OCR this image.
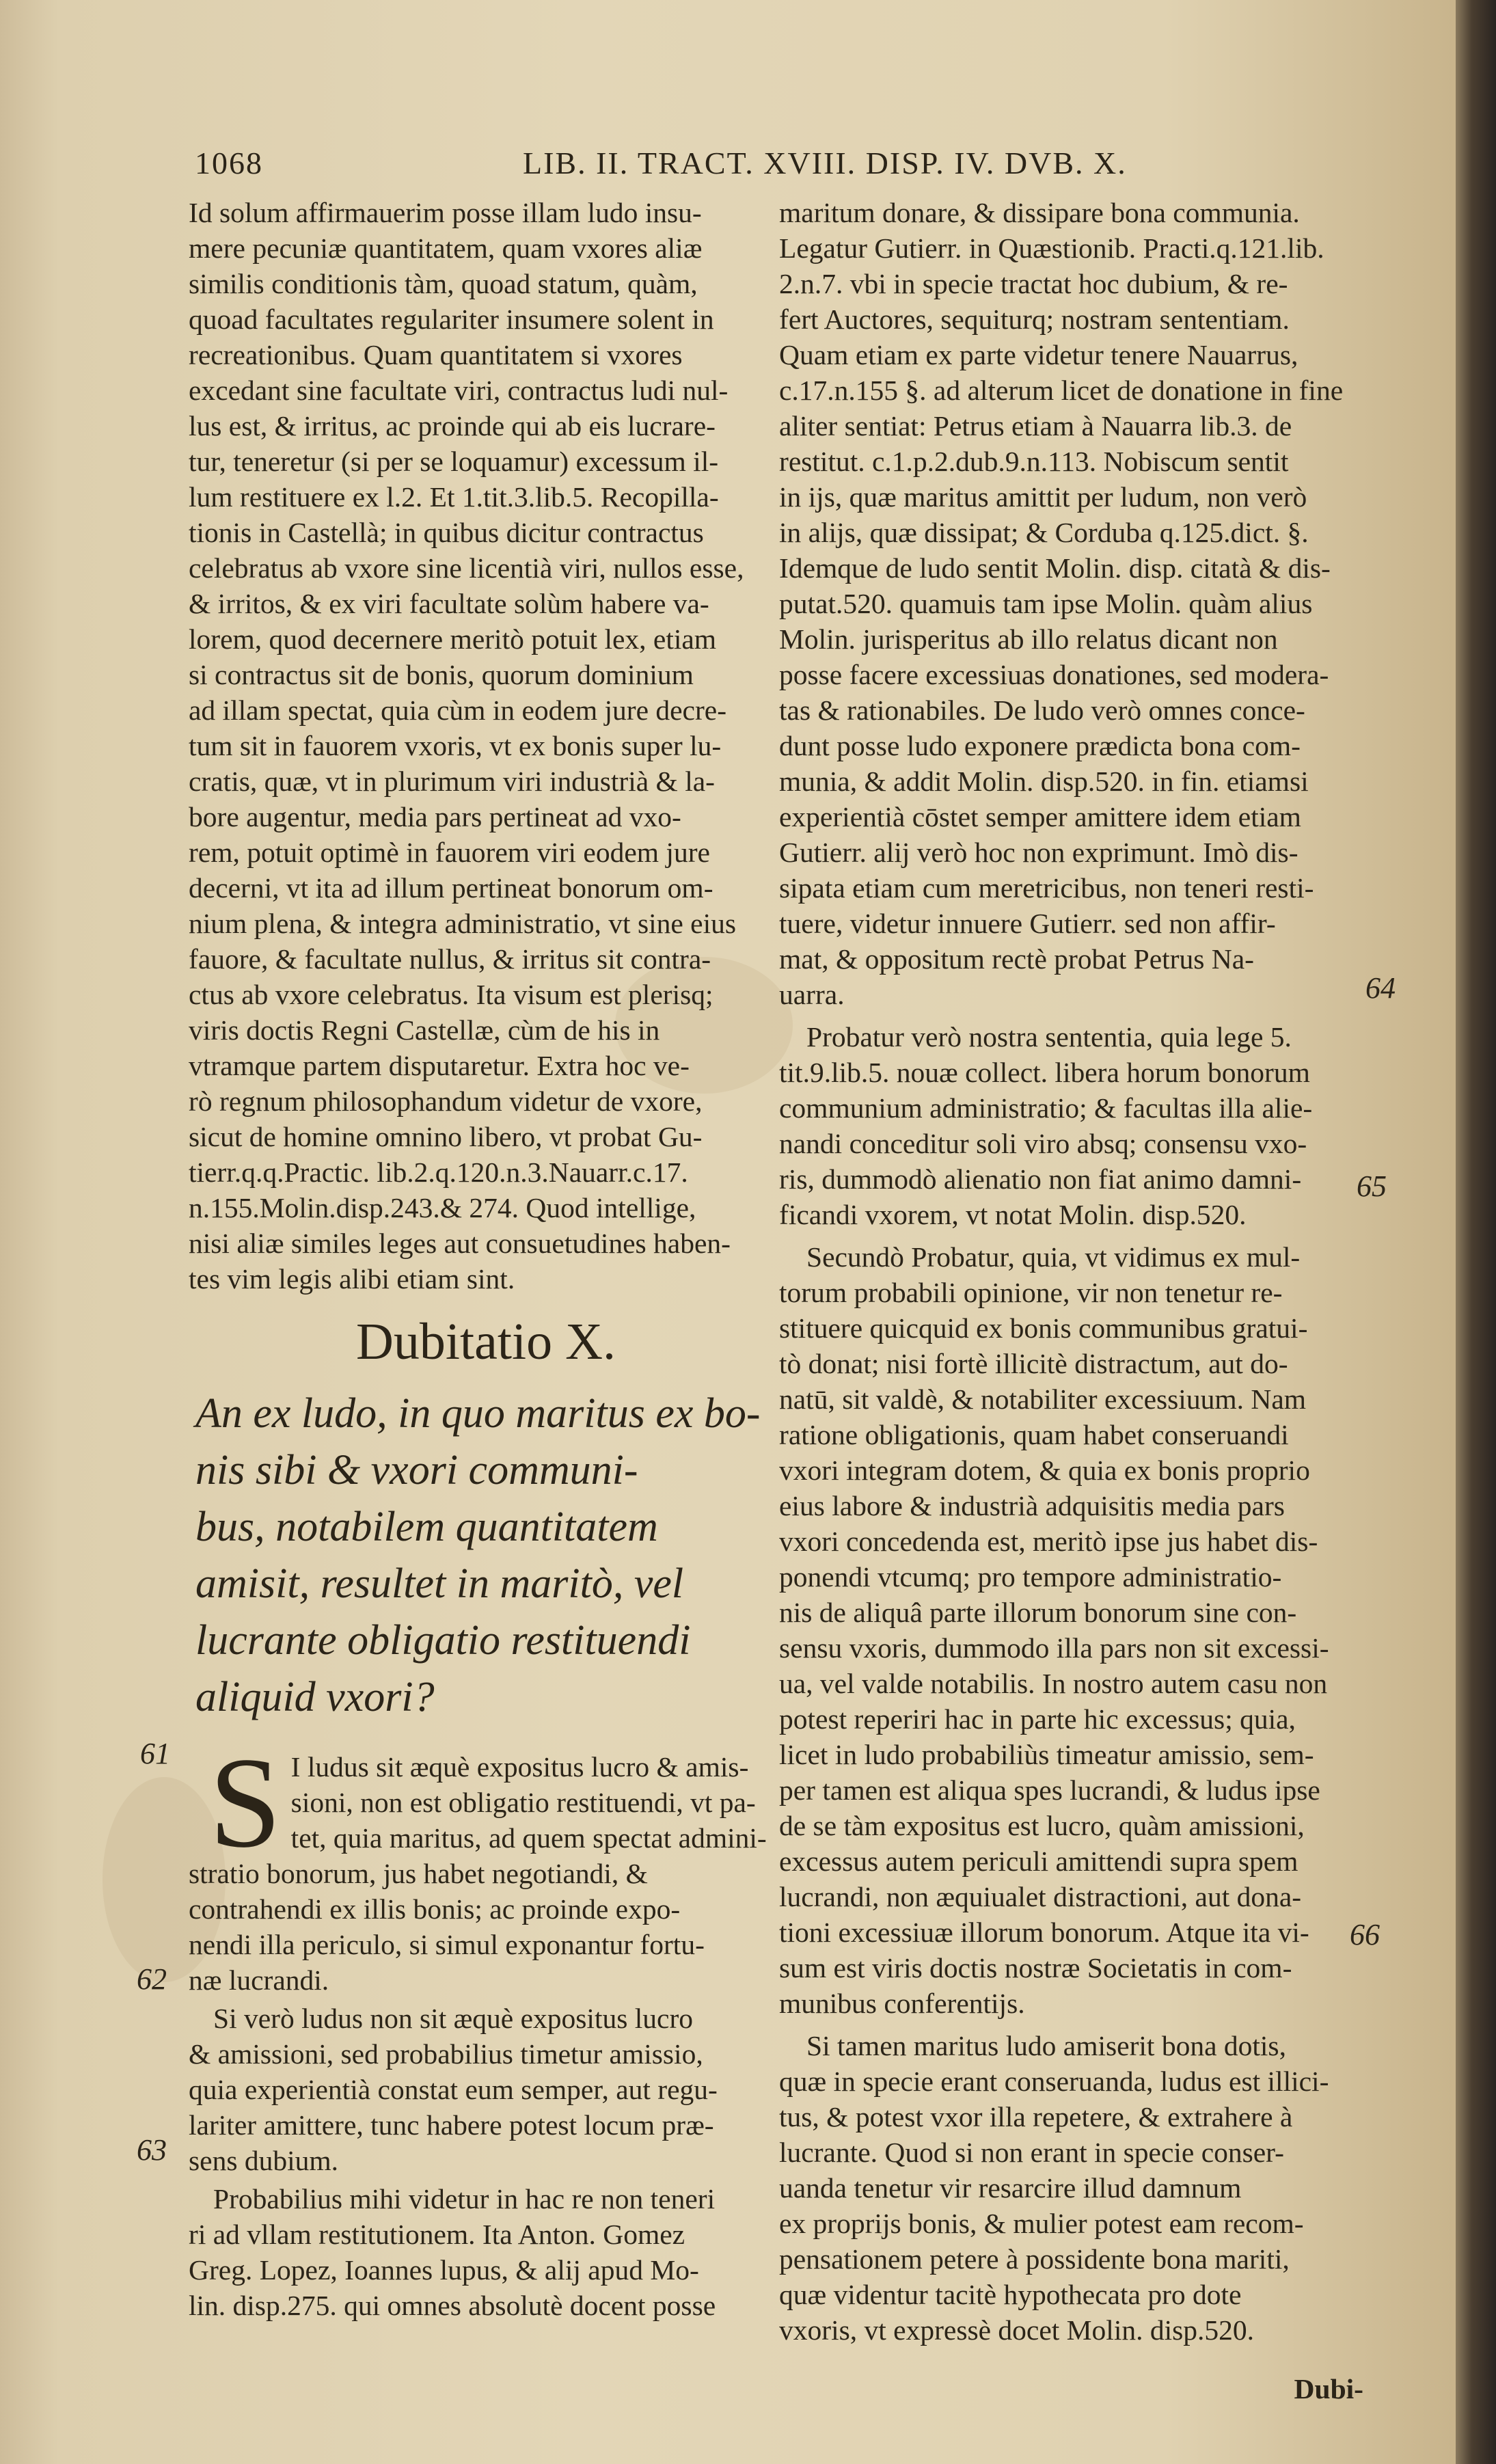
1068	LIB. II. TRACT. XVIII. DISP. IV. DVB. X.

Id solum affirmauerim posse illam ludo insu-
mere pecuniæ quantitatem, quam vxores aliæ
similis conditionis tàm, quoad statum, quàm,
quoad facultates regulariter insumere solent in
recreationibus. Quam quantitatem si vxores
excedant sine facultate viri, contractus ludi nul-
lus est, & irritus, ac proinde qui ab eis lucrare-
tur, teneretur (si per se loquamur) excessum il-
lum restituere ex l.2. Et 1.tit.3.lib.5. Recopilla-
tionis in Castellà; in quibus dicitur contractus
celebratus ab vxore sine licentià viri, nullos esse,
& irritos, & ex viri facultate solùm habere va-
lorem, quod decernere meritò potuit lex, etiam
si contractus sit de bonis, quorum dominium
ad illam spectat, quia cùm in eodem jure decre-
tum sit in fauorem vxoris, vt ex bonis super lu-
cratis, quæ, vt in plurimum viri industrià & la-
bore augentur, media pars pertineat ad vxo-
rem, potuit optimè in fauorem viri eodem jure
decerni, vt ita ad illum pertineat bonorum om-
nium plena, & integra administratio, vt sine eius
fauore, & facultate nullus, & irritus sit contra-
ctus ab vxore celebratus. Ita visum est plerisq;
viris doctis Regni Castellæ, cùm de his in
vtramque partem disputaretur. Extra hoc ve-
rò regnum philosophandum videtur de vxore,
sicut de homine omnino libero, vt probat Gu-
tierr.q.q.Practic. lib.2.q.120.n.3.Nauarr.c.17.
n.155.Molin.disp.243.& 274. Quod intellige,
nisi aliæ similes leges aut consuetudines haben-
tes vim legis alibi etiam sint.

Dubitatio X.
An ex ludo, in quo maritus ex bo-
nis sibi & vxori communi-
bus, notabilem quantitatem
amisit, resultet in maritò, vel
lucrante obligatio restituendi
aliquid vxori?

S I ludus sit æquè expositus lucro & amis-
sioni, non est obligatio restituendi, vt pa-
tet, quia maritus, ad quem spectat admini-
stratio bonorum, jus habet negotiandi, &
contrahendi ex illis bonis; ac proinde expo-
nendi illa periculo, si simul exponantur fortu-
næ lucrandi.

Si verò ludus non sit æquè expositus lucro
& amissioni, sed probabilius timetur amissio,
quia experientià constat eum semper, aut regu-
lariter amittere, tunc habere potest locum præ-
sens dubium.

Probabilius mihi videtur in hac re non teneri
ri ad vllam restitutionem. Ita Anton. Gomez
Greg. Lopez, Ioannes lupus, & alij apud Mo-
lin. disp.275. qui omnes absolutè docent posse

61
62
63

maritum donare, & dissipare bona communia.
Legatur Gutierr. in Quæstionib. Practi.q.121.lib.
2.n.7. vbi in specie tractat hoc dubium, & re-
fert Auctores, sequiturq; nostram sententiam.
Quam etiam ex parte videtur tenere Nauarrus,
c.17.n.155 §. ad alterum licet de donatione in fine
aliter sentiat: Petrus etiam à Nauarra lib.3. de
restitut. c.1.p.2.dub.9.n.113. Nobiscum sentit
in ijs, quæ maritus amittit per ludum, non verò
in alijs, quæ dissipat; & Corduba q.125.dict. §.
Idemque de ludo sentit Molin. disp. citatà & dis-
putat.520. quamuis tam ipse Molin. quàm alius
Molin. jurisperitus ab illo relatus dicant non
posse facere excessiuas donationes, sed modera-
tas & rationabiles. De ludo verò omnes conce-
dunt posse ludo exponere prædicta bona com-
munia, & addit Molin. disp.520. in fin. etiamsi
experientià cōstet semper amittere idem etiam
Gutierr. alij verò hoc non exprimunt. Imò dis-
sipata etiam cum meretricibus, non teneri resti-
tuere, videtur innuere Gutierr. sed non affir-
mat, & oppositum rectè probat Petrus Na-
uarra.

Probatur verò nostra sententia, quia lege 5.
tit.9.lib.5. nouæ collect. libera horum bonorum
communium administratio; & facultas illa alie-
nandi conceditur soli viro absq; consensu vxo-
ris, dummodò alienatio non fiat animo damni-
ficandi vxorem, vt notat Molin. disp.520.

Secundò Probatur, quia, vt vidimus ex mul-
torum probabili opinione, vir non tenetur re-
stituere quicquid ex bonis communibus gratui-
tò donat; nisi fortè illicitè distractum, aut do-
natū, sit valdè, & notabiliter excessiuum. Nam
ratione obligationis, quam habet conseruandi
vxori integram dotem, & quia ex bonis proprio
eius labore & industrià adquisitis media pars
vxori concedenda est, meritò ipse jus habet dis-
ponendi vtcumq; pro tempore administratio-
nis de aliquâ parte illorum bonorum sine con-
sensu vxoris, dummodo illa pars non sit excessi-
ua, vel valde notabilis. In nostro autem casu non
potest reperiri hac in parte hic excessus; quia,
licet in ludo probabiliùs timeatur amissio, sem-
per tamen est aliqua spes lucrandi, & ludus ipse
de se tàm expositus est lucro, quàm amissioni,
excessus autem periculi amittendi supra spem
lucrandi, non æquiualet distractioni, aut dona-
tioni excessiuæ illorum bonorum. Atque ita vi-
sum est viris doctis nostræ Societatis in com-
munibus conferentijs.

Si tamen maritus ludo amiserit bona dotis,
quæ in specie erant conseruanda, ludus est illici-
tus, & potest vxor illa repetere, & extrahere à
lucrante. Quod si non erant in specie conser-
uanda tenetur vir resarcire illud damnum
ex proprijs bonis, & mulier potest eam recom-
pensationem petere à possidente bona mariti,
quæ videntur tacitè hypothecata pro dote
vxoris, vt expressè docet Molin. disp.520.

Dubi-
64
65
66
